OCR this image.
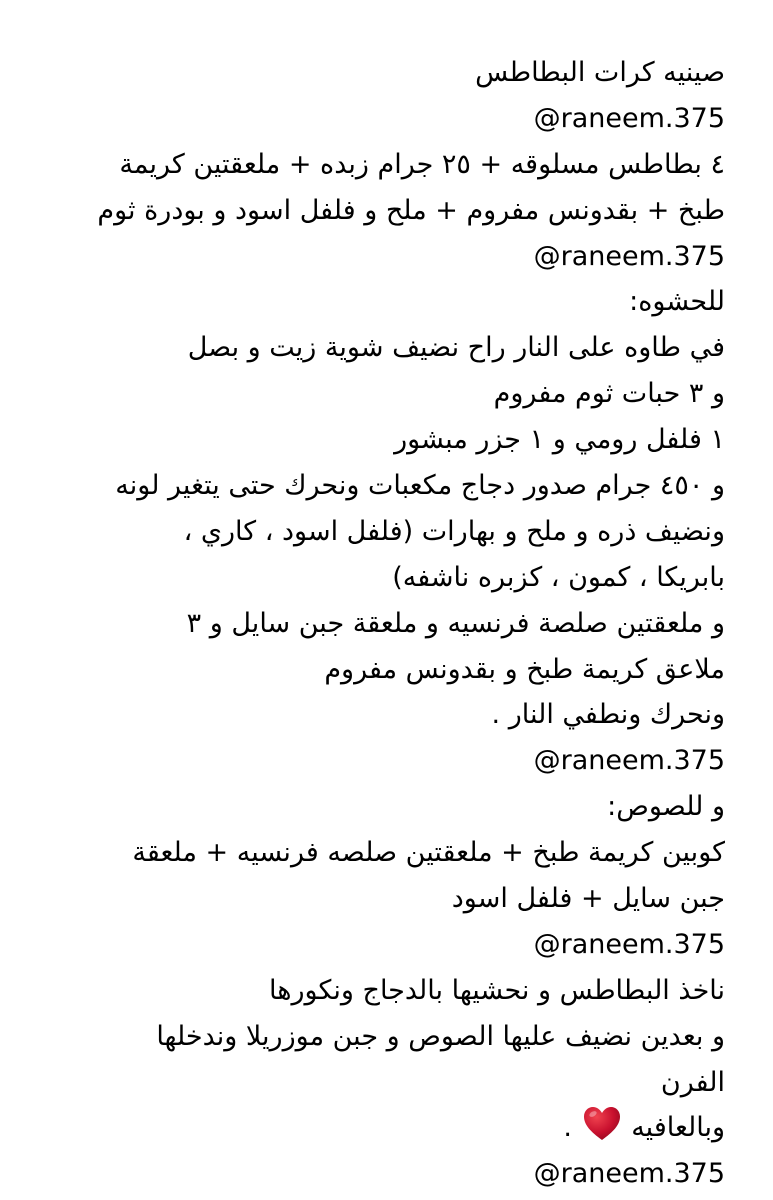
صينيه كرات البطاطس
raneem.375@
٤ بطاطس مسلوقه + ٢٥ جرام زبده + ملعقتين كريمة
طبخ + بقدونس مفروم + ملح و فلفل اسود و بودرة ثوم
raneem.375@
للحشوه:
في طاوه على النار راح نضيف شوية زيت و بصل
و ٣ حبات ثوم مفروم
١ فلفل رومي و ١ جزر مبشور
و ٤٥٠ جرام صدور دجاج مكعبات ونحرك حتى يتغير لونه
ونضيف ذره و ملح و بهارات (فلفل اسود ، كاري ،
بابريكا ، كمون ، كزبره ناشفه)
و ملعقتين صلصة فرنسيه و ملعقة جبن سايل و ٣
ملاعق كريمة طبخ و بقدونس مفروم
ونحرك ونطفي النار .
raneem.375@
و للصوص:
كوبين كريمة طبخ + ملعقتين صلصه فرنسيه + ملعقة
جبن سايل + فلفل اسود
raneem.375@
ناخذ البطاطس و نحشيها بالدجاج ونكورها
و بعدين نضيف عليها الصوص و جبن موزريلا وندخلها
الفرن
وبالعافيه  .
raneem.375@
